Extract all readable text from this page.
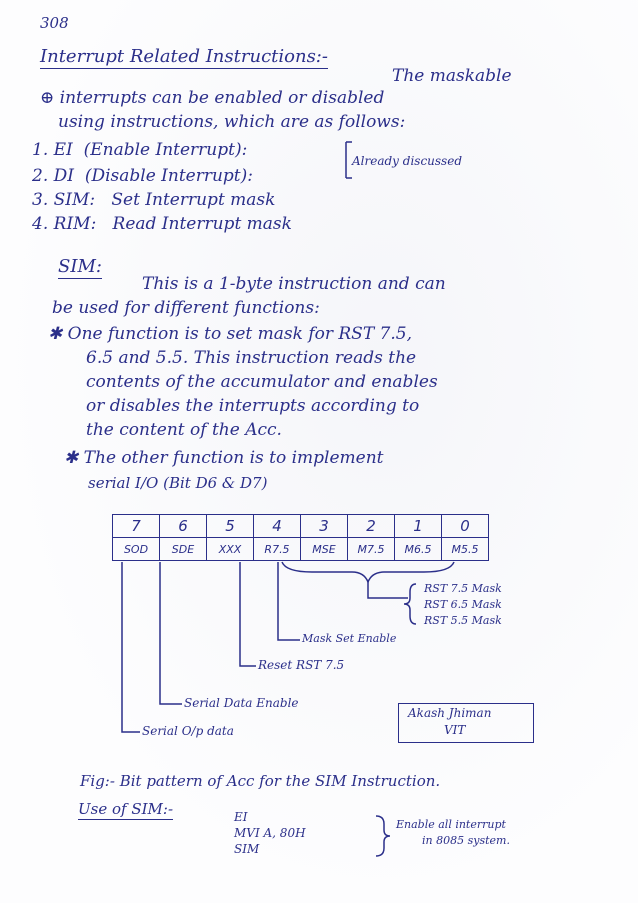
308
Interrupt Related Instructions:-
The maskable
⊕ interrupts can be enabled or disabled
using instructions, which are as follows:
1. EI (Enable Interrupt):
2. DI (Disable Interrupt):
3. SIM: Set Interrupt mask
4. RIM: Read Interrupt mask
Already discussed
SIM:
This is a 1-byte instruction and can
be used for different functions:
✱ One function is to set mask for RST 7.5,
6.5 and 5.5. This instruction reads the
contents of the accumulator and enables
or disables the interrupts according to
the content of the Acc.
✱ The other function is to implement
serial I/O (Bit D6 & D7)
7	6	5	4	3	2	1	0
SOD	SDE	XXX	R7.5	MSE	M7.5	M6.5	M5.5
RST 7.5 Mask
RST 6.5 Mask
RST 5.5 Mask
Mask Set Enable
Reset RST 7.5
Serial Data Enable
Serial O/p data
Akash Jhiman
VIT
Fig:- Bit pattern of Acc for the SIM Instruction.
Use of SIM:-	EI
MVI A, 80H
SIM
Enable all interrupt
in 8085 system.
